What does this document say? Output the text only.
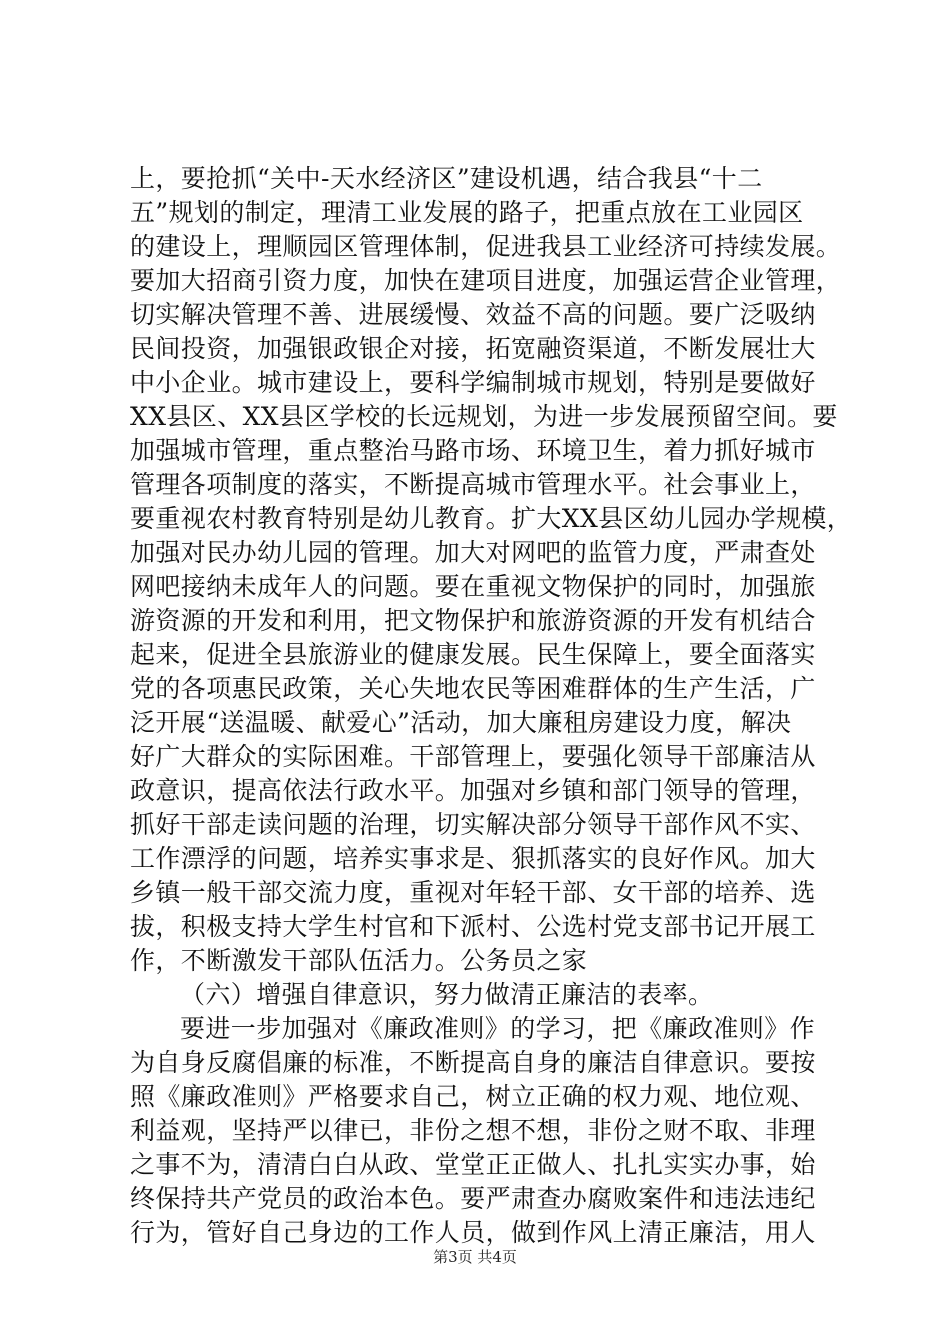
上，要抢抓“关中-天水经济区”建设机遇，结合我县“十二
五”规划的制定，理清工业发展的路子，把重点放在工业园区
的建设上，理顺园区管理体制，促进我县工业经济可持续发展。
要加大招商引资力度，加快在建项目进度，加强运营企业管理，
切实解决管理不善、进展缓慢、效益不高的问题。要广泛吸纳
民间投资，加强银政银企对接，拓宽融资渠道，不断发展壮大
中小企业。城市建设上，要科学编制城市规划，特别是要做好
XX县区、XX县区学校的长远规划，为进一步发展预留空间。要
加强城市管理，重点整治马路市场、环境卫生，着力抓好城市
管理各项制度的落实，不断提高城市管理水平。社会事业上，
要重视农村教育特别是幼儿教育。扩大XX县区幼儿园办学规模，
加强对民办幼儿园的管理。加大对网吧的监管力度，严肃查处
网吧接纳未成年人的问题。要在重视文物保护的同时，加强旅
游资源的开发和利用，把文物保护和旅游资源的开发有机结合
起来，促进全县旅游业的健康发展。民生保障上，要全面落实
党的各项惠民政策，关心失地农民等困难群体的生产生活，广
泛开展“送温暖、献爱心”活动，加大廉租房建设力度，解决
好广大群众的实际困难。干部管理上，要强化领导干部廉洁从
政意识，提高依法行政水平。加强对乡镇和部门领导的管理，
抓好干部走读问题的治理，切实解决部分领导干部作风不实、
工作漂浮的问题，培养实事求是、狠抓落实的良好作风。加大
乡镇一般干部交流力度，重视对年轻干部、女干部的培养、选
拔，积极支持大学生村官和下派村、公选村党支部书记开展工
作，不断激发干部队伍活力。公务员之家
（六）增强自律意识，努力做清正廉洁的表率。
要进一步加强对《廉政准则》的学习，把《廉政准则》作
为自身反腐倡廉的标准，不断提高自身的廉洁自律意识。要按
照《廉政准则》严格要求自己，树立正确的权力观、地位观、
利益观，坚持严以律已，非份之想不想，非份之财不取、非理
之事不为，清清白白从政、堂堂正正做人、扎扎实实办事，始
终保持共产党员的政治本色。要严肃查办腐败案件和违法违纪
行为，管好自己身边的工作人员，做到作风上清正廉洁，用人
第3页 共4页
